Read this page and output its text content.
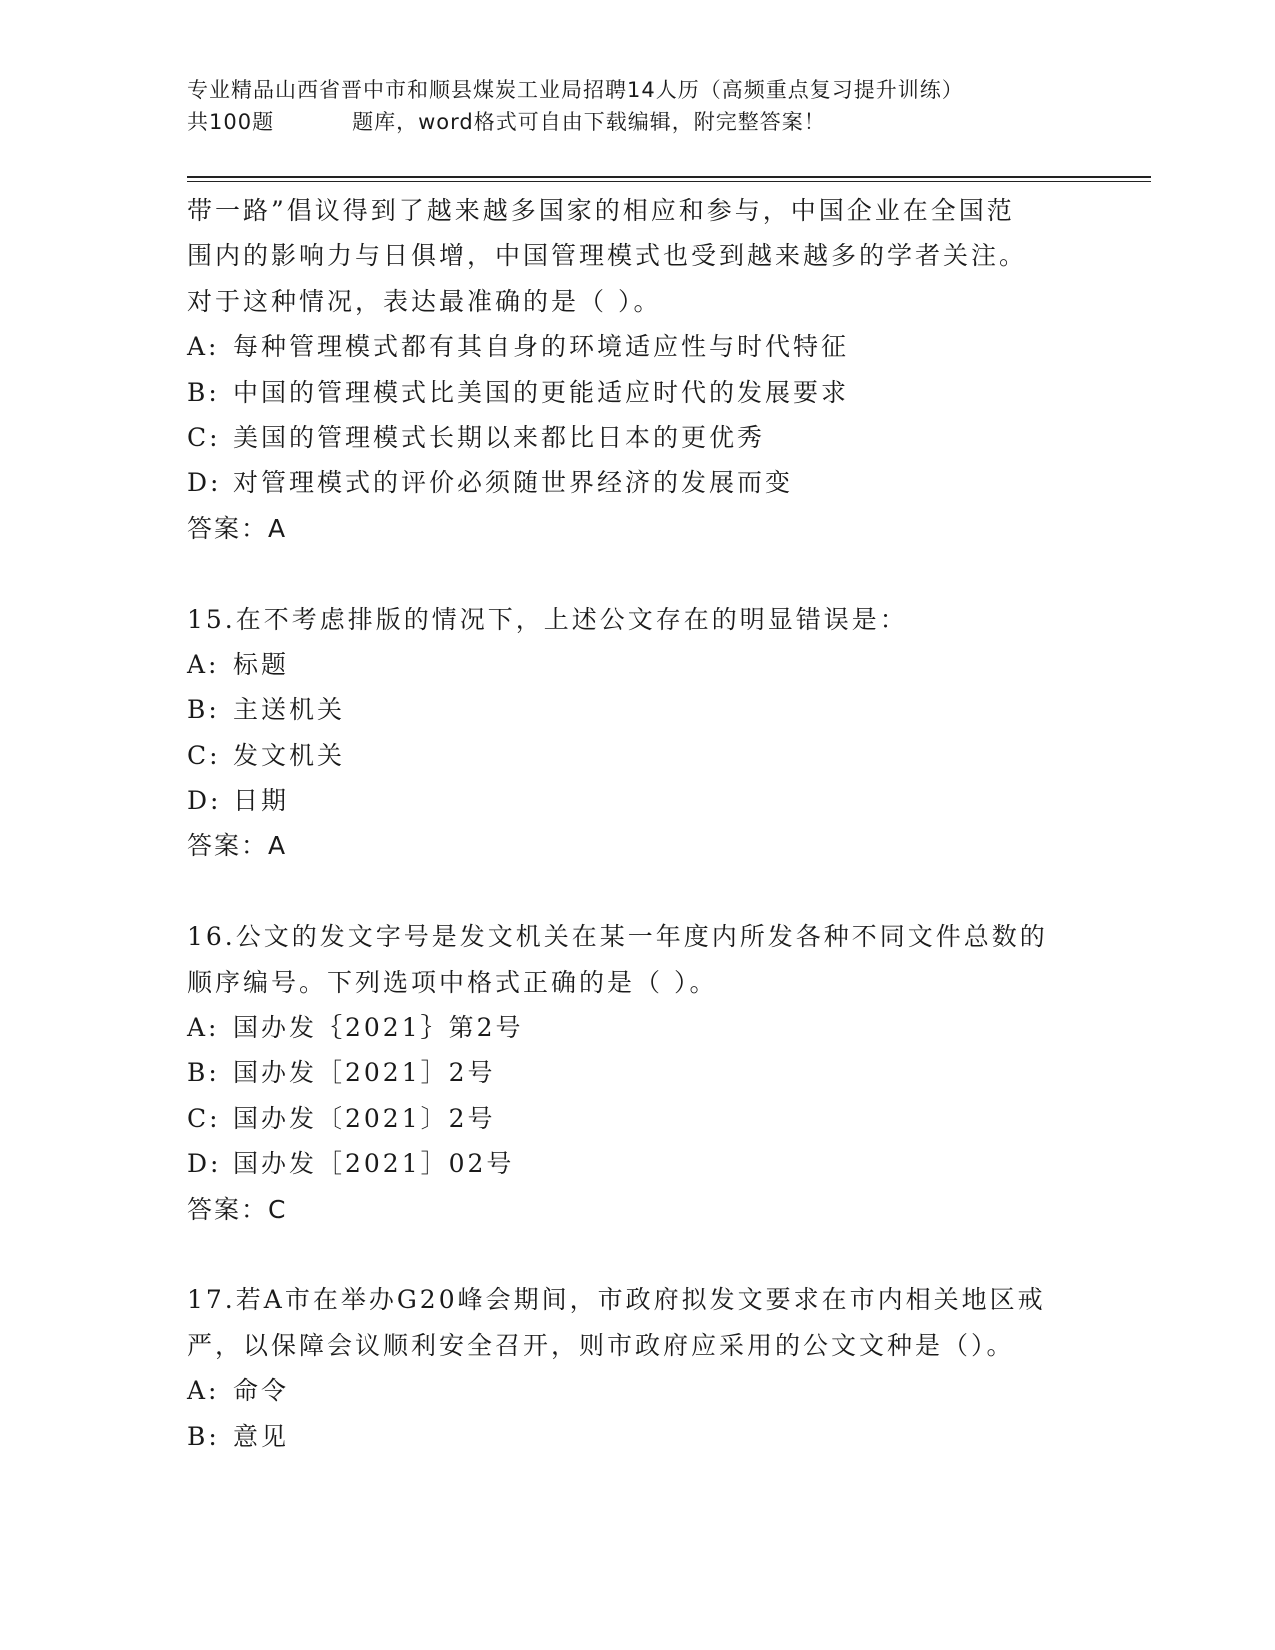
专业精品山西省晋中市和顺县煤炭工业局招聘14人历（高频重点复习提升训练）
共100题	题库，word格式可自由下载编辑，附完整答案！
带一路”倡议得到了越来越多国家的相应和参与，中国企业在全国范
围内的影响力与日俱增，中国管理模式也受到越来越多的学者关注。
对于这种情况，表达最准确的是（ ）。
A: 每种管理模式都有其自身的环境适应性与时代特征
B: 中国的管理模式比美国的更能适应时代的发展要求
C: 美国的管理模式长期以来都比日本的更优秀
D: 对管理模式的评价必须随世界经济的发展而变
答案：A
15.在不考虑排版的情况下，上述公文存在的明显错误是：
A: 标题
B: 主送机关
C: 发文机关
D: 日期
答案：A
16.公文的发文字号是发文机关在某一年度内所发各种不同文件总数的
顺序编号。下列选项中格式正确的是（ ）。
A: 国办发｛2021｝第2号
B: 国办发［2021］2号
C: 国办发〔2021〕2号
D: 国办发［2021］02号
答案：C
17.若A市在举办G20峰会期间，市政府拟发文要求在市内相关地区戒
严，以保障会议顺利安全召开，则市政府应采用的公文文种是（）。
A: 命令
B: 意见
